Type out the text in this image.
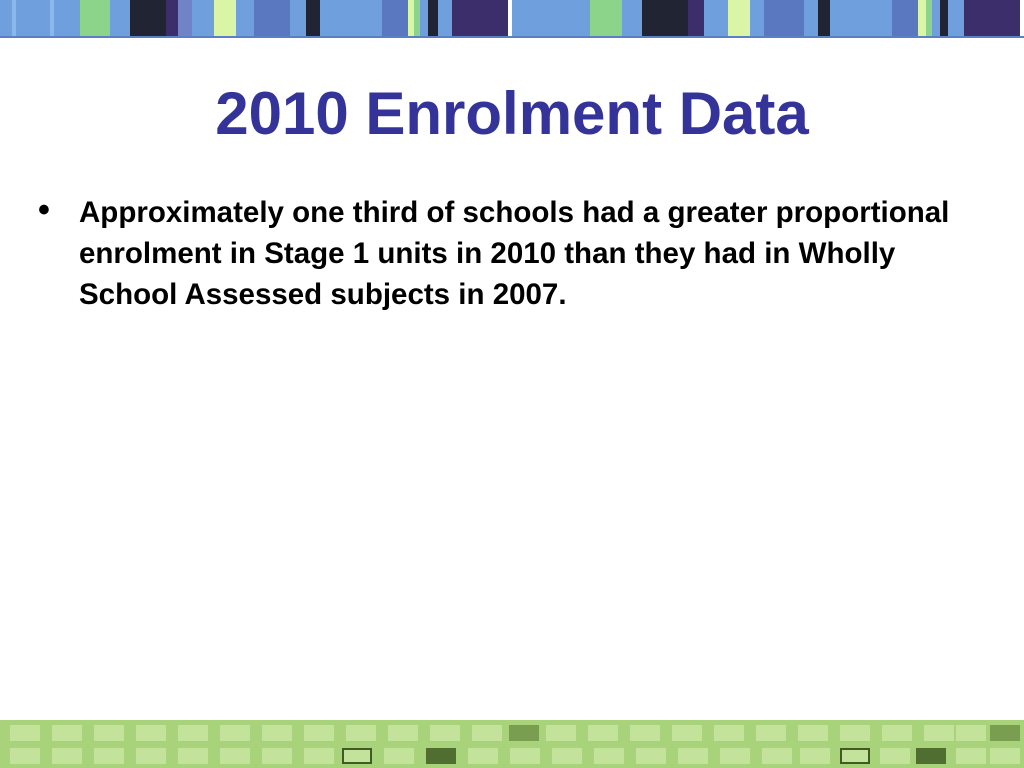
2010 Enrolment Data
• Approximately one third of schools had a greater proportional enrolment in Stage 1 units in 2010 than they had in Wholly School Assessed subjects in 2007.
